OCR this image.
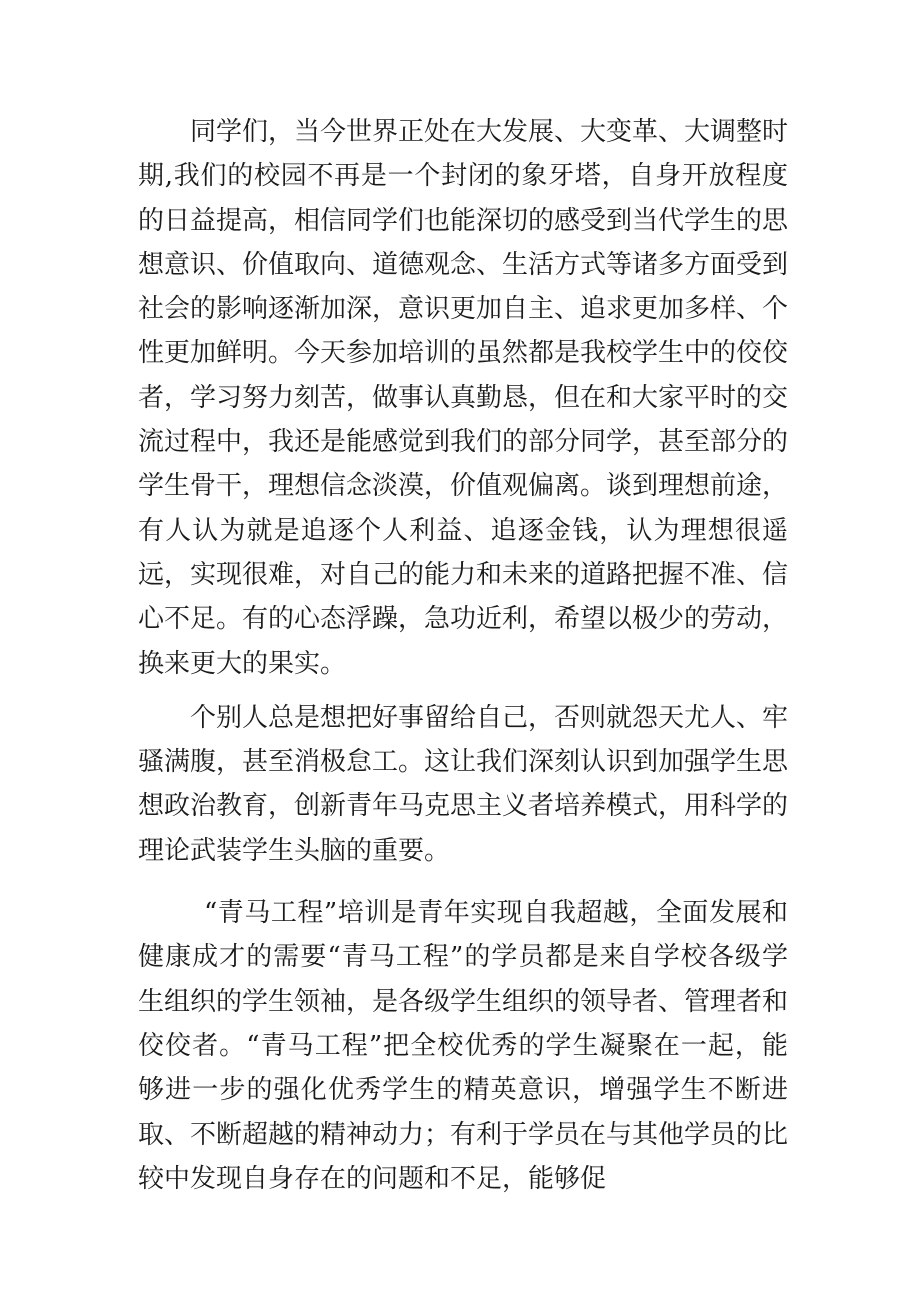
同学们，当今世界正处在大发展、大变革、大调整时期,我们的校园不再是一个封闭的象牙塔，自身开放程度的日益提高，相信同学们也能深切的感受到当代学生的思想意识、价值取向、道德观念、生活方式等诸多方面受到社会的影响逐渐加深，意识更加自主、追求更加多样、个性更加鲜明。今天参加培训的虽然都是我校学生中的佼佼者，学习努力刻苦，做事认真勤恳，但在和大家平时的交流过程中，我还是能感觉到我们的部分同学，甚至部分的学生骨干，理想信念淡漠，价值观偏离。谈到理想前途，有人认为就是追逐个人利益、追逐金钱，认为理想很遥远，实现很难，对自己的能力和未来的道路把握不准、信心不足。有的心态浮躁，急功近利，希望以极少的劳动，换来更大的果实。

个别人总是想把好事留给自己，否则就怨天尤人、牢骚满腹，甚至消极怠工。这让我们深刻认识到加强学生思想政治教育，创新青年马克思主义者培养模式，用科学的理论武装学生头脑的重要。

“青马工程”培训是青年实现自我超越，全面发展和健康成才的需要“青马工程”的学员都是来自学校各级学生组织的学生领袖，是各级学生组织的领导者、管理者和佼佼者。“青马工程”把全校优秀的学生凝聚在一起，能够进一步的强化优秀学生的精英意识，增强学生不断进取、不断超越的精神动力；有利于学员在与其他学员的比较中发现自身存在的问题和不足，能够促
